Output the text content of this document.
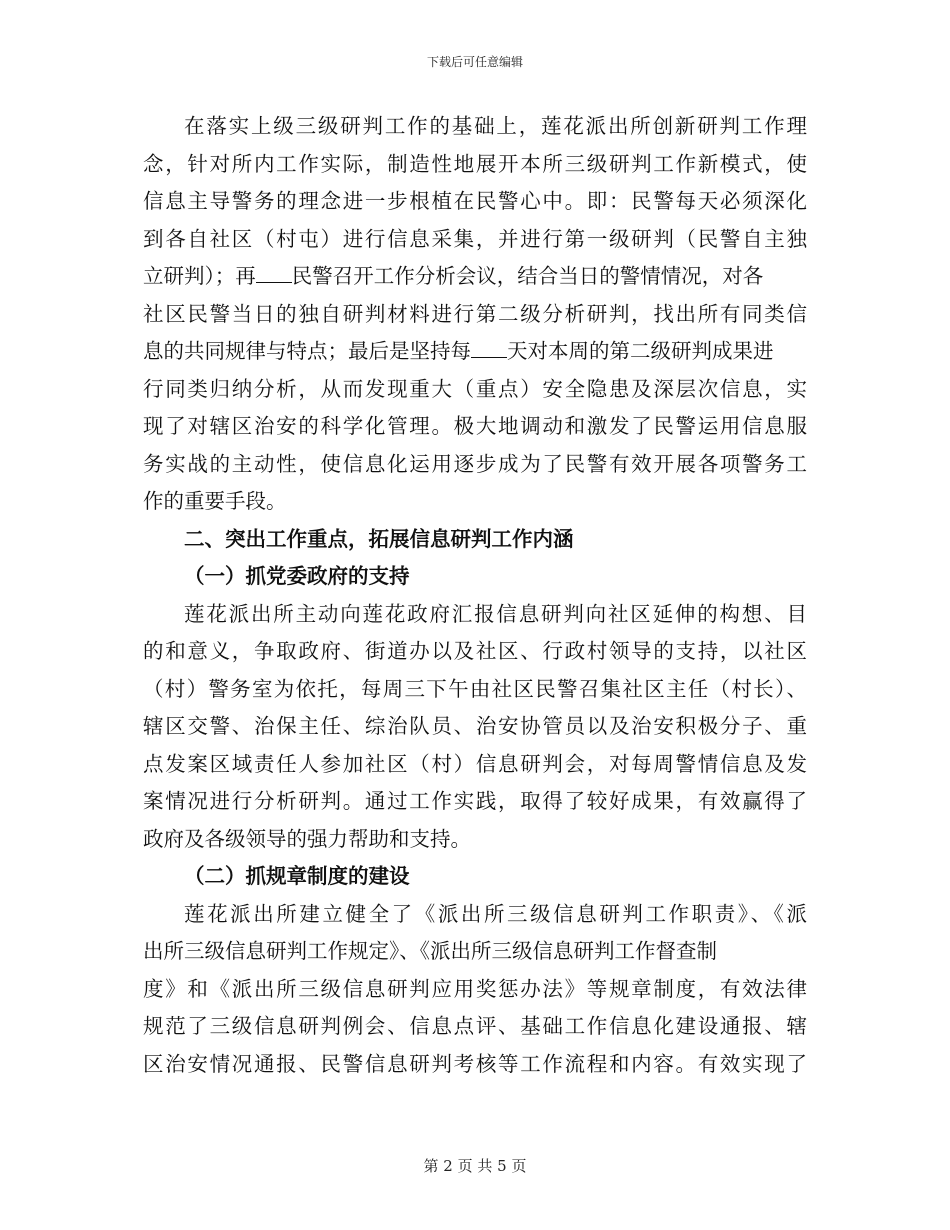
下载后可任意编辑
在落实上级三级研判工作的基础上，莲花派出所创新研判工作理
念，针对所内工作实际，制造性地展开本所三级研判工作新模式，使
信息主导警务的理念进一步根植在民警心中。即：民警每天必须深化
到各自社区（村屯）进行信息采集，并进行第一级研判（民警自主独
立研判）；再 民警召开工作分析会议，结合当日的警情情况，对各
社区民警当日的独自研判材料进行第二级分析研判，找出所有同类信
息的共同规律与特点；最后是坚持每 天对本周的第二级研判成果进
行同类归纳分析，从而发现重大（重点）安全隐患及深层次信息，实
现了对辖区治安的科学化管理。极大地调动和激发了民警运用信息服
务实战的主动性，使信息化运用逐步成为了民警有效开展各项警务工
作的重要手段。
二、突出工作重点，拓展信息研判工作内涵
（一）抓党委政府的支持
莲花派出所主动向莲花政府汇报信息研判向社区延伸的构想、目
的和意义，争取政府、街道办以及社区、行政村领导的支持，以社区
（村）警务室为依托，每周三下午由社区民警召集社区主任（村长）、
辖区交警、治保主任、综治队员、治安协管员以及治安积极分子、重
点发案区域责任人参加社区（村）信息研判会，对每周警情信息及发
案情况进行分析研判。通过工作实践，取得了较好成果，有效赢得了
政府及各级领导的强力帮助和支持。
（二）抓规章制度的建设
莲花派出所建立健全了《派出所三级信息研判工作职责》、《派
出所三级信息研判工作规定》、《派出所三级信息研判工作督查制
度》和《派出所三级信息研判应用奖惩办法》等规章制度，有效法律
规范了三级信息研判例会、信息点评、基础工作信息化建设通报、辖
区治安情况通报、民警信息研判考核等工作流程和内容。有效实现了
第 2 页 共 5 页
